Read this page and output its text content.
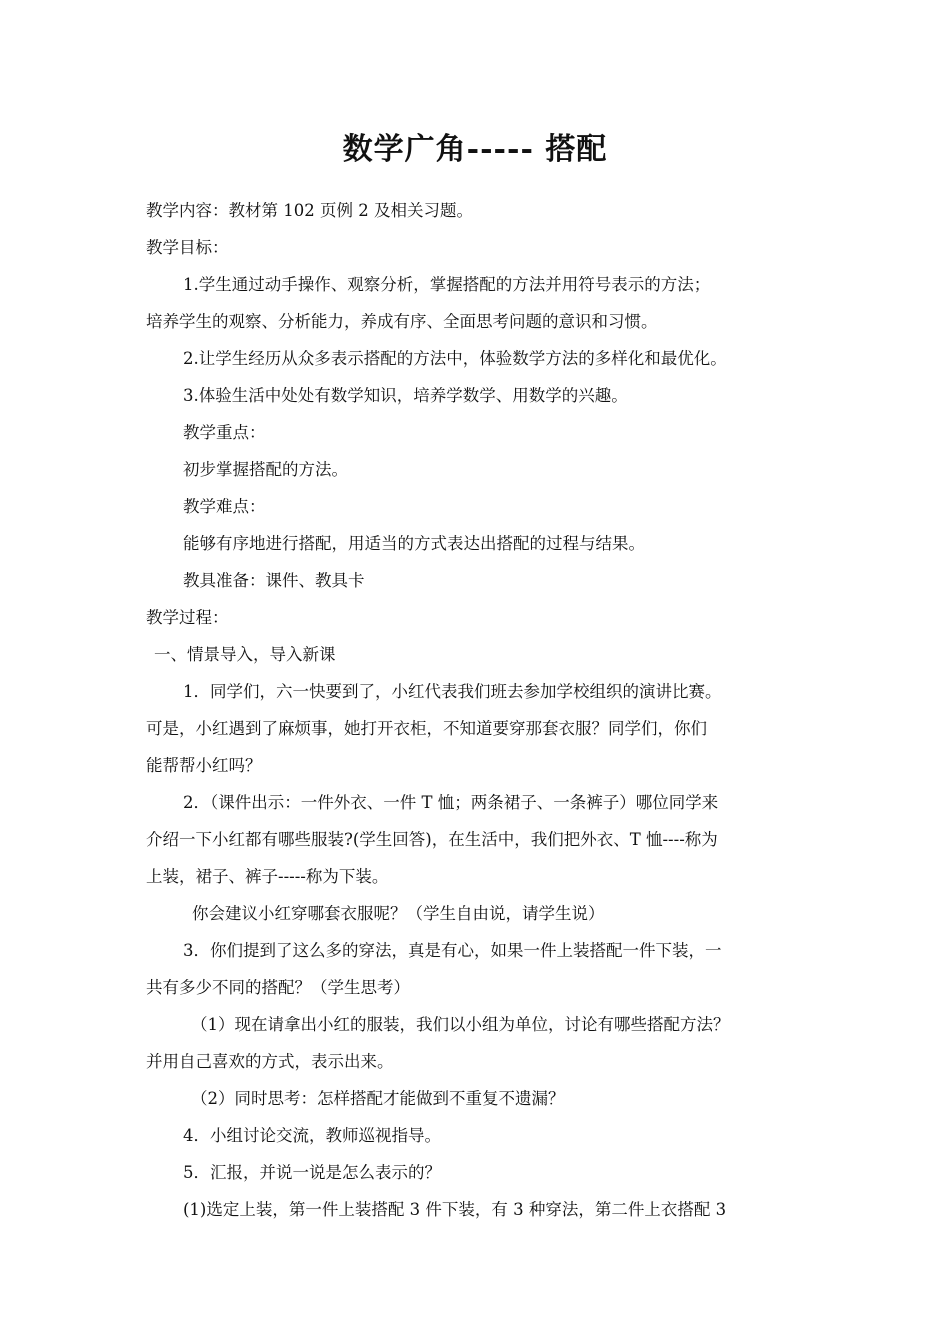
数学广角----- 搭配
教学内容：教材第 102 页例 2 及相关习题。
教学目标：
1.学生通过动手操作、观察分析，掌握搭配的方法并用符号表示的方法；
培养学生的观察、分析能力，养成有序、全面思考问题的意识和习惯。
2.让学生经历从众多表示搭配的方法中，体验数学方法的多样化和最优化。
3.体验生活中处处有数学知识，培养学数学、用数学的兴趣。
教学重点：
初步掌握搭配的方法。
教学难点：
能够有序地进行搭配，用适当的方式表达出搭配的过程与结果。
教具准备：课件、教具卡
教学过程：
一、情景导入，导入新课
1．同学们，六一快要到了，小红代表我们班去参加学校组织的演讲比赛。
可是，小红遇到了麻烦事，她打开衣柜，不知道要穿那套衣服？同学们，你们
能帮帮小红吗？
2．（课件出示：一件外衣、一件 T 恤；两条裙子、一条裤子）哪位同学来
介绍一下小红都有哪些服装?(学生回答)，在生活中，我们把外衣、T 恤----称为
上装，裙子、裤子-----称为下装。
你会建议小红穿哪套衣服呢？（学生自由说，请学生说）
3．你们提到了这么多的穿法，真是有心，如果一件上装搭配一件下装，一
共有多少不同的搭配？（学生思考）
（1）现在请拿出小红的服装，我们以小组为单位，讨论有哪些搭配方法？
并用自己喜欢的方式，表示出来。
（2）同时思考：怎样搭配才能做到不重复不遗漏？
4．小组讨论交流，教师巡视指导。
5．汇报，并说一说是怎么表示的？
(1)选定上装，第一件上装搭配 3 件下装，有 3 种穿法，第二件上衣搭配 3
